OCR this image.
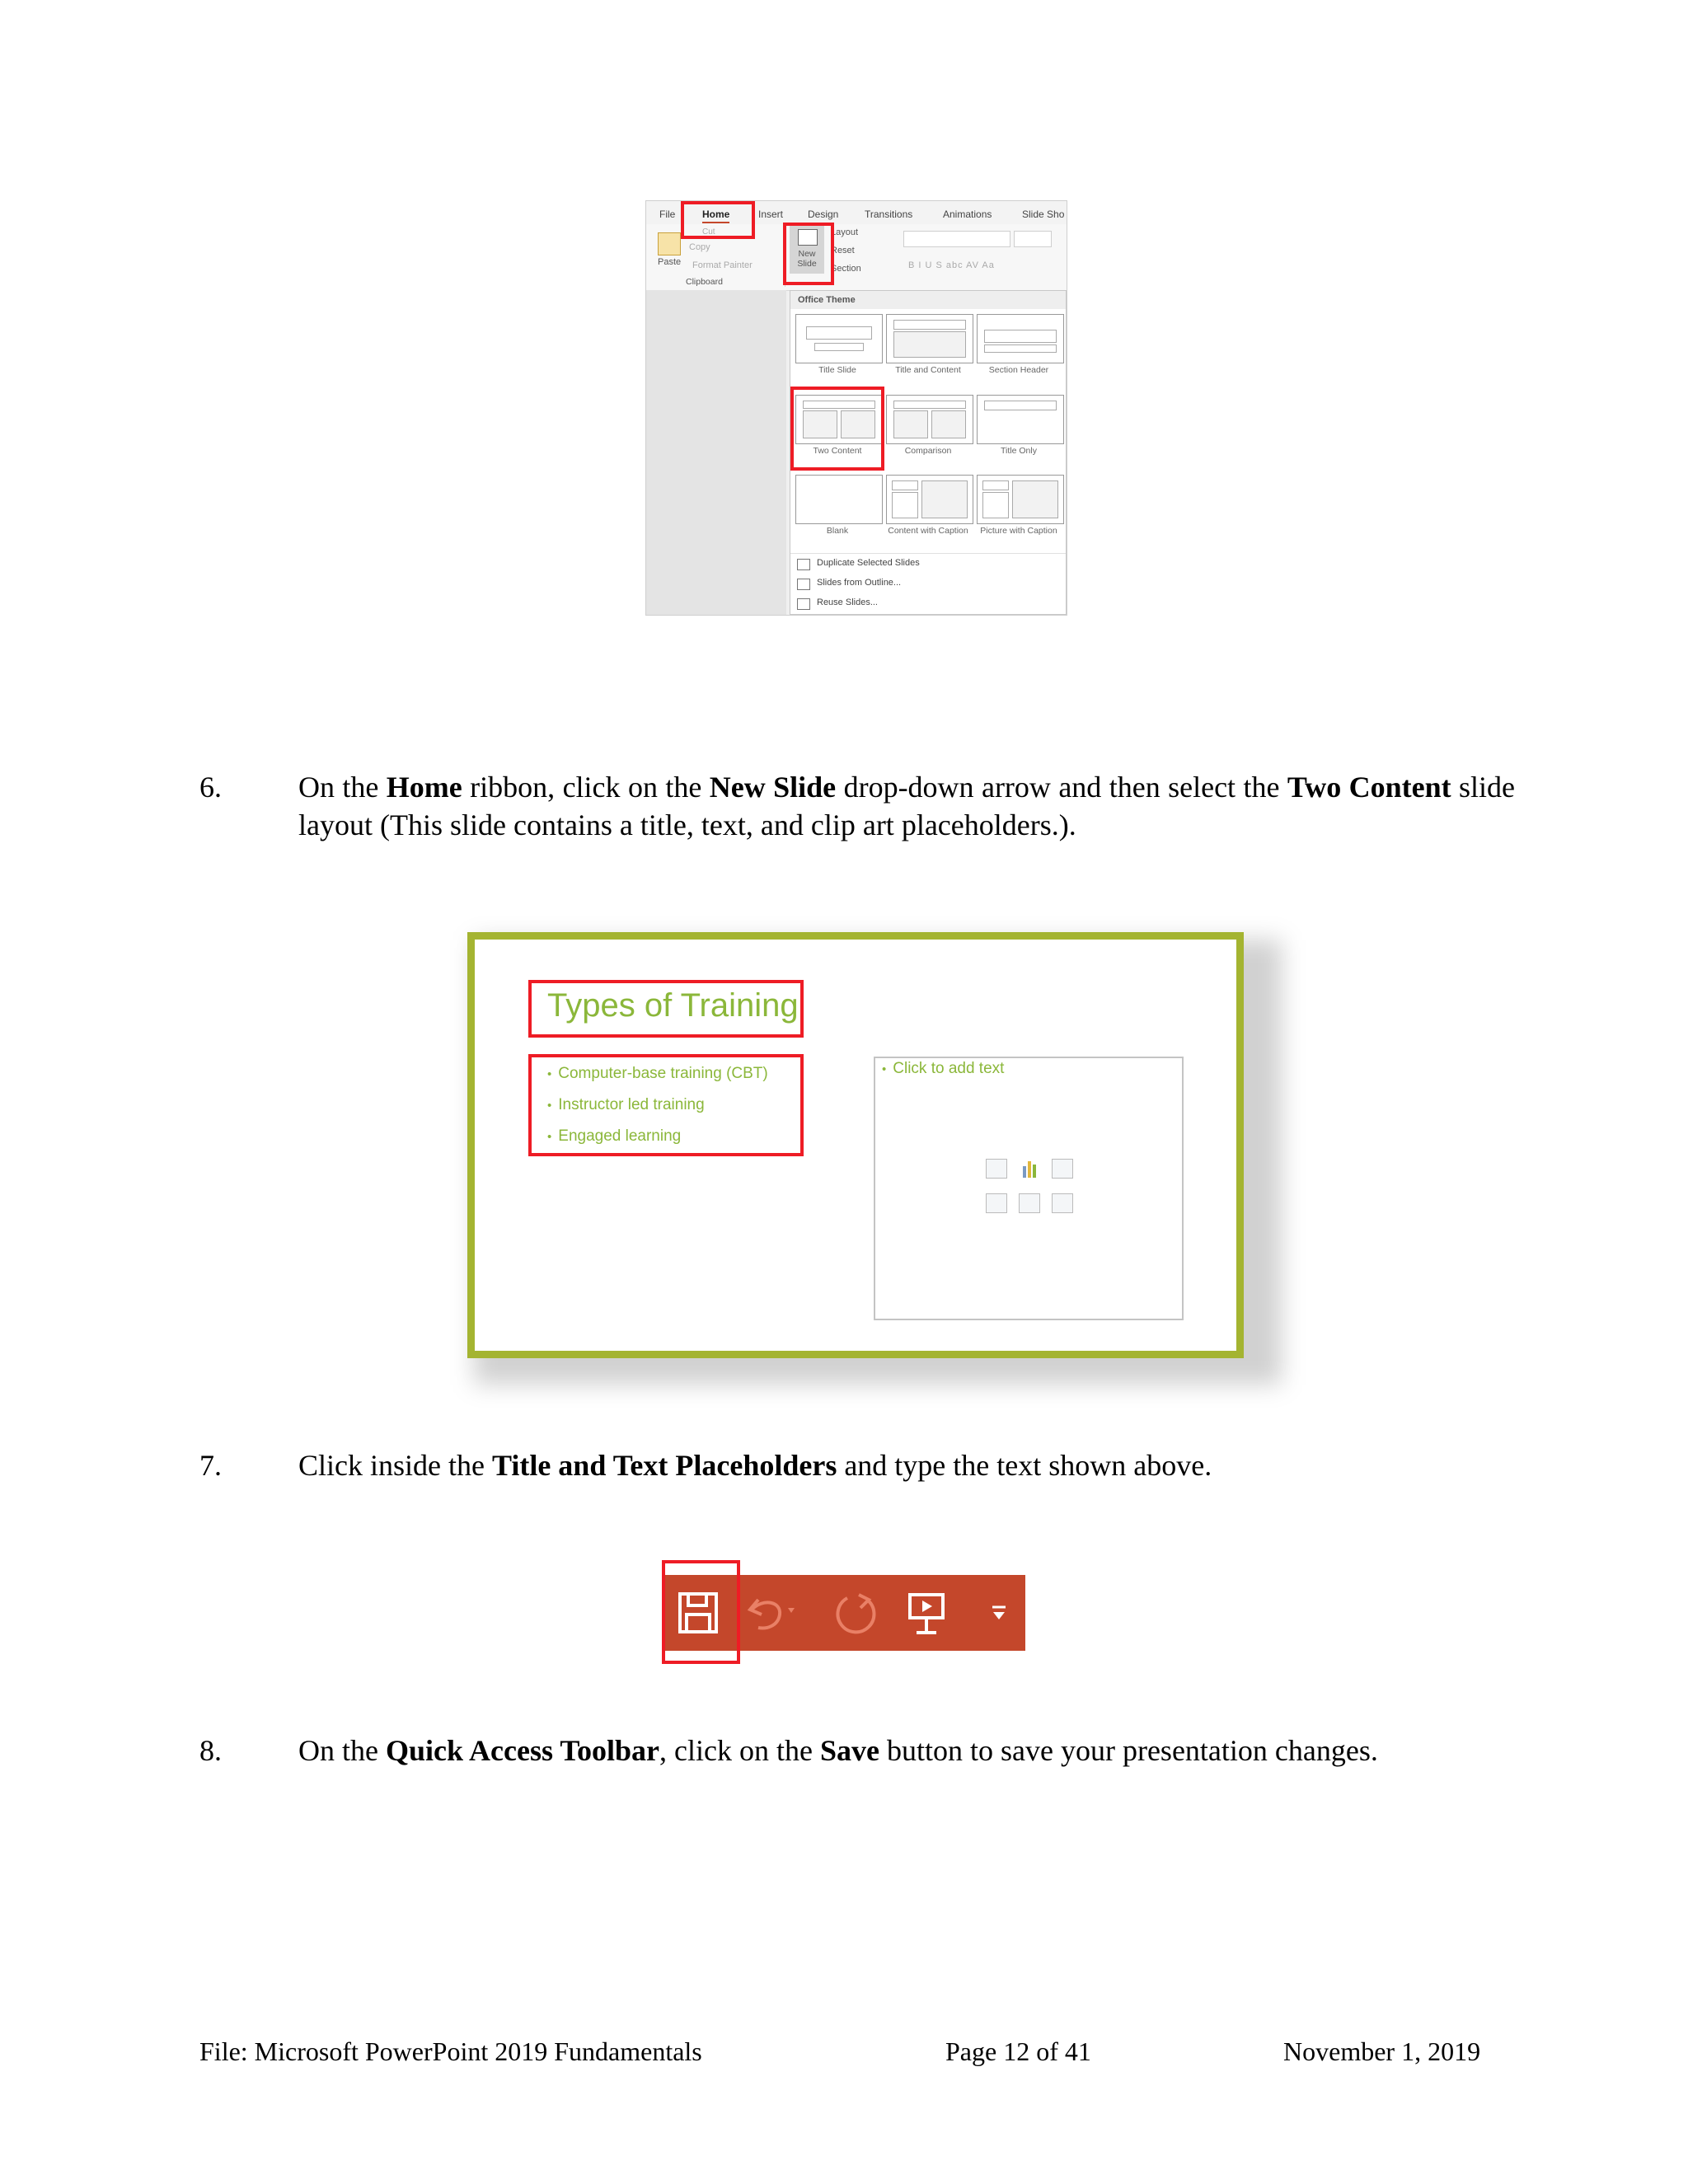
File	Home	Insert Design	Transitions	Animations	Slide Sho
Paste
Cut
Copy
Format Painter
Clipboard
New Slide
Layout
Reset
Section	B I U S abc AV Aa
Office Theme
Title Slide	Title and Content	Section Header
Two Content	Comparison	Title Only
Blank	Content with Caption	Picture with Caption
Duplicate Selected Slides
Slides from Outline...
Reuse Slides...
6.	On the Home ribbon, click on the New Slide drop-down arrow and then select the Two Content slide layout (This slide contains a title, text, and clip art placeholders.).
Types of Training
• Computer-base training (CBT)
• Instructor led training
• Engaged learning
• Click to add text
7.	Click inside the Title and Text Placeholders and type the text shown above.
8.	On the Quick Access Toolbar, click on the Save button to save your presentation changes.
File: Microsoft PowerPoint 2019 Fundamentals	Page 12 of 41	November 1, 2019
